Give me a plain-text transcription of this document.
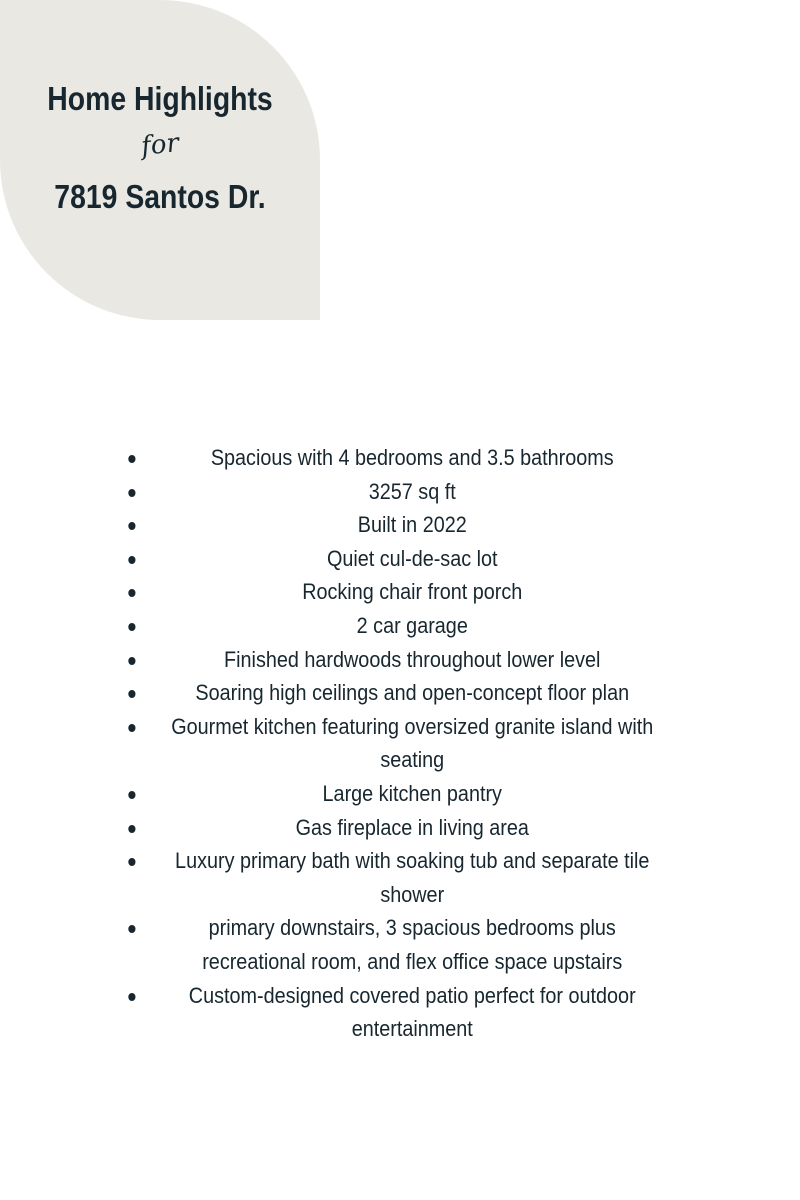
Home Highlights
for
7819 Santos Dr.
Spacious with 4 bedrooms and 3.5 bathrooms
3257 sq ft
Built in 2022
Quiet cul-de-sac lot
Rocking chair front porch
2 car garage
Finished hardwoods throughout lower level
Soaring high ceilings and open-concept floor plan
Gourmet kitchen featuring oversized granite island with seating
Large kitchen pantry
Gas fireplace in living area
Luxury primary bath with soaking tub and separate tile shower
primary downstairs, 3 spacious bedrooms plus recreational room, and flex office space upstairs
Custom-designed covered patio perfect for outdoor entertainment
